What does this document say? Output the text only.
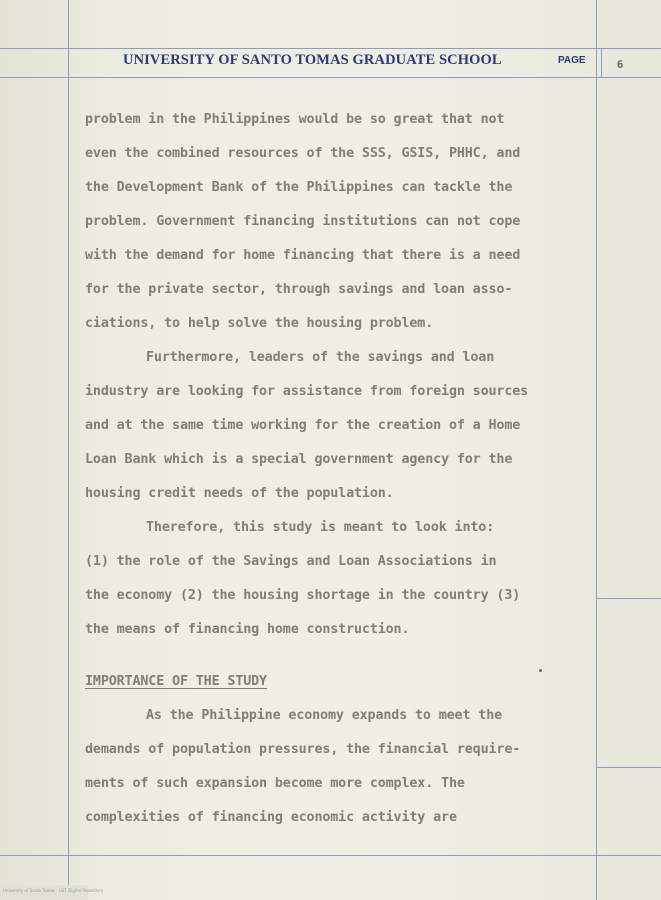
UNIVERSITY OF SANTO TOMAS GRADUATE SCHOOL	PAGE	6
problem in the Philippines would be so great that not
even the combined resources of the SSS, GSIS, PHHC, and
the Development Bank of the Philippines can tackle the
problem. Government financing institutions can not cope
with the demand for home financing that there is a need
for the private sector, through savings and loan asso-
ciations, to help solve the housing problem.
Furthermore, leaders of the savings and loan
industry are looking for assistance from foreign sources
and at the same time working for the creation of a Home
Loan Bank which is a special government agency for the
housing credit needs of the population.
Therefore, this study is meant to look into:
(1) the role of the Savings and Loan Associations in
the economy (2) the housing shortage in the country (3)
the means of financing home construction.
IMPORTANCE OF THE STUDY
As the Philippine economy expands to meet the
demands of population pressures, the financial require-
ments of such expansion become more complex. The
complexities of financing economic activity are
University of Santo Tomas · UST Digital Repository
